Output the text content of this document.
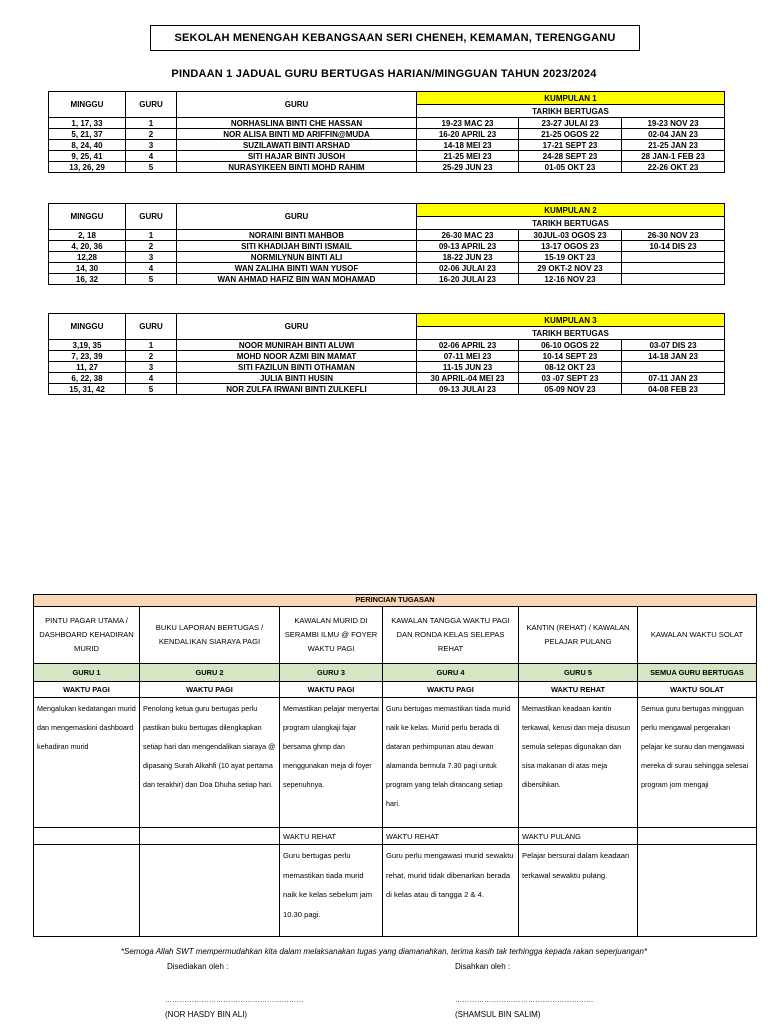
SEKOLAH MENENGAH KEBANGSAAN SERI CHENEH, KEMAMAN, TERENGGANU
PINDAAN 1 JADUAL GURU BERTUGAS HARIAN/MINGGUAN TAHUN 2023/2024
MINGGU	GURU	GURU	KUMPULAN 1		
			TARIKH BERTUGAS		
1, 17, 33	1	NORHASLINA BINTI CHE HASSAN	19-23 MAC 23	23-27 JULAI 23	19-23 NOV 23
5, 21, 37	2	NOR ALISA BINTI MD ARIFFIN@MUDA	16-20 APRIL 23	21-25 OGOS 22	02-04 JAN 23
8, 24, 40	3	SUZILAWATI BINTI ARSHAD	14-18 MEI 23	17-21 SEPT 23	21-25 JAN 23
9, 25, 41	4	SITI HAJAR BINTI JUSOH	21-25 MEI 23	24-28 SEPT 23	28 JAN-1 FEB 23
13, 26, 29	5	NURASYIKEEN BINTI MOHD RAHIM	25-29 JUN 23	01-05 OKT 23	22-26 OKT 23
MINGGU	GURU	GURU	KUMPULAN 2		
			TARIKH BERTUGAS		
2, 18	1	NORAINI BINTI MAHBOB	26-30 MAC 23	30JUL-03 OGOS 23	26-30 NOV 23
4, 20, 36	2	SITI KHADIJAH BINTI ISMAIL	09-13 APRIL 23	13-17 OGOS 23	10-14 DIS 23
12,28	3	NORMILYNUN BINTI ALI	18-22 JUN 23	15-19 OKT 23	
14, 30	4	WAN ZALIHA BINTI WAN YUSOF	02-06 JULAI 23	29 OKT-2 NOV 23	
16, 32	5	WAN AHMAD HAFIZ BIN WAN MOHAMAD	16-20 JULAI 23	12-16 NOV 23	
MINGGU	GURU	GURU	KUMPULAN 3		
			TARIKH BERTUGAS		
3,19, 35	1	NOOR MUNIRAH BINTI ALUWI	02-06 APRIL 23	06-10 OGOS 22	03-07 DIS 23
7, 23, 39	2	MOHD NOOR AZMI BIN MAMAT	07-11 MEI 23	10-14 SEPT 23	14-18 JAN 23
11, 27	3	SITI FAZILUN BINTI OTHAMAN	11-15 JUN 23	08-12 OKT 23	
6, 22, 38	4	JULIA BINTI HUSIN	30 APRIL-04 MEI 23	03 -07 SEPT 23	07-11 JAN 23
15, 31, 42	5	NOR ZULFA IRWANI BINTI ZULKEFLI	09-13 JULAI 23	05-09 NOV 23	04-08 FEB 23
PERINCIAN TUGASAN					
PINTU PAGAR UTAMA / DASHBOARD KEHADIRAN MURID	BUKU LAPORAN BERTUGAS / KENDALIKAN SIARAYA PAGI	KAWALAN MURID DI SERAMBI ILMU @ FOYER WAKTU PAGI	KAWALAN TANGGA WAKTU PAGI DAN RONDA KELAS SELEPAS REHAT	KANTIN (REHAT) / KAWALAN PELAJAR PULANG	KAWALAN WAKTU SOLAT
GURU 1	GURU 2	GURU 3	GURU 4	GURU 5	SEMUA GURU BERTUGAS
WAKTU PAGI	WAKTU PAGI	WAKTU PAGI	WAKTU PAGI	WAKTU REHAT	WAKTU SOLAT
Mengalukan kedatangan murid dan mengemaskini dashboard kehadiran murid	Penolong ketua guru bertugas perlu pastikan buku bertugas dilengkapkan setiap hari dan mengendalikan siaraya @ dipasang Surah Alkahfi (10 ayat pertama dan terakhir) dan Doa Dhuha setiap hari.	Memastikan pelajar menyertai program ulangkaji fajar bersama ghmp dan menggunakan meja di foyer sepenuhnya.	Guru bertugas memastikan tiada murid naik ke kelas. Murid perlu berada di dataran perhimpunan atau dewan alamanda bermula 7.30 pagi untuk program yang telah dirancang setiap hari.	Memastikan keadaan kantin terkawal, kerusi dan meja disusun semula selepas digunakan dan sisa makanan di atas meja dibersihkan.	Semua guru bertugas mingguan perlu mengawal pergerakan pelajar ke surau dan mengawasi mereka di surau sehingga selesai program jom mengaji
		WAKTU REHAT	WAKTU REHAT	WAKTU PULANG	
		Guru bertugas perlu memastikan tiada murid naik ke kelas sebelum jam 10.30 pagi.	Guru perlu mengawasi murid sewaktu rehat, murid tidak dibenarkan berada di kelas atau di tangga 2 & 4.	Pelajar bersurai dalam keadaan terkawal sewaktu pulang.	
*Semoga Allah SWT mempermudahkan kita dalam melaksanakan tugas yang diamanahkan, terima kasih tak terhingga kepada rakan seperjuangan*
Disediakan oleh :	Disahkan oleh :
…………………………………………………	…………………………………………………
(NOR HASDY BIN ALI)	(SHAMSUL BIN SALIM)
